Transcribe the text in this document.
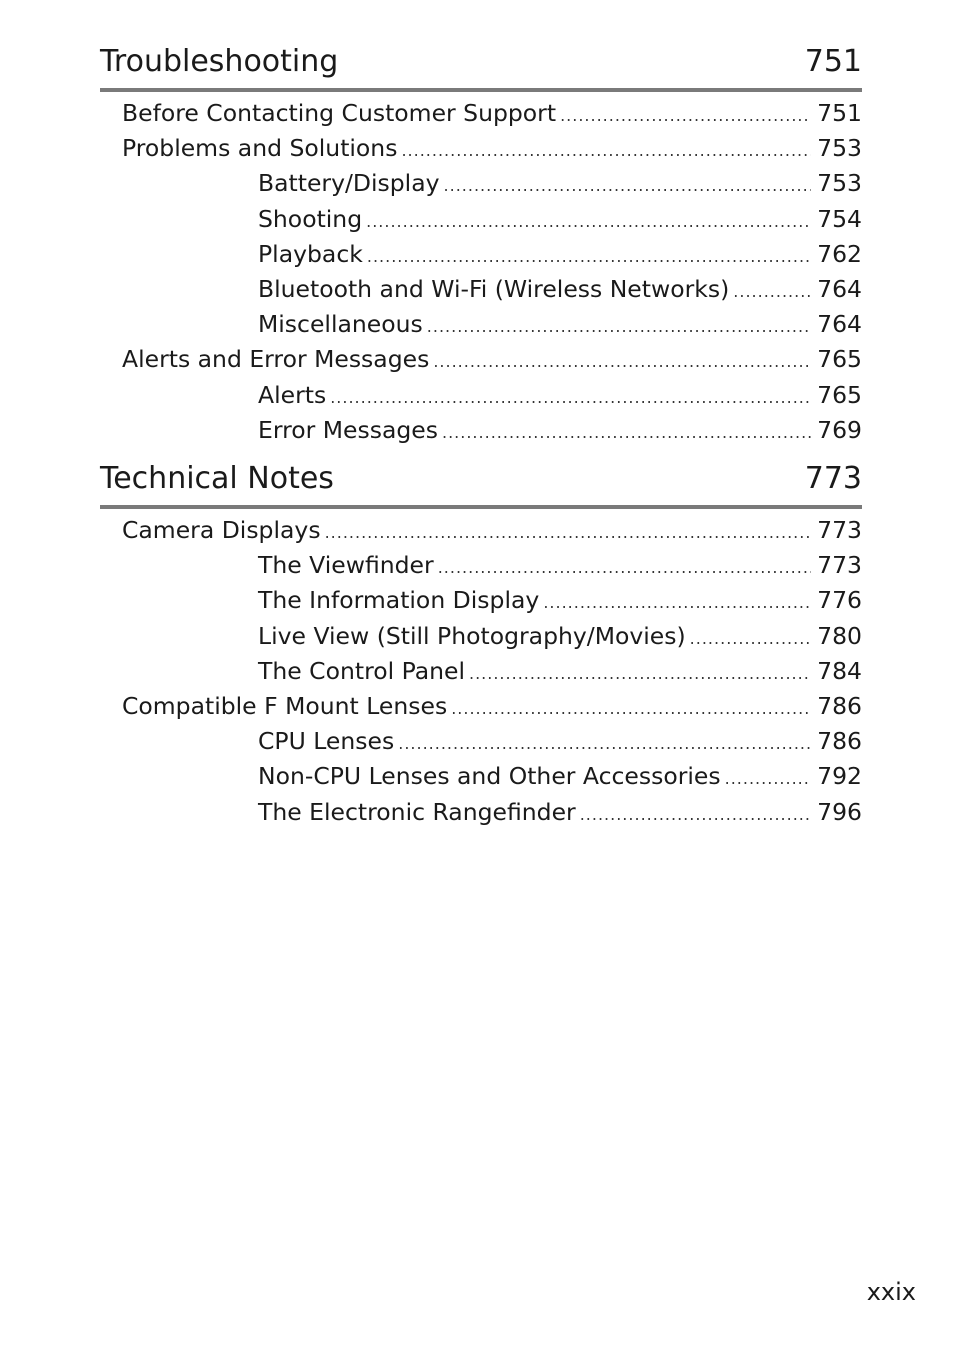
Troubleshooting	751
Before Contacting Customer Support .....	751
Problems and Solutions .....	753
Battery/Display .....	753
Shooting .....	754
Playback .....	762
Bluetooth and Wi-Fi (Wireless Networks) .....	764
Miscellaneous .....	764
Alerts and Error Messages .....	765
Alerts .....	765
Error Messages .....	769
Technical Notes	773
Camera Displays .....	773
The Viewfinder .....	773
The Information Display .....	776
Live View (Still Photography/Movies) .....	780
The Control Panel .....	784
Compatible F Mount Lenses .....	786
CPU Lenses .....	786
Non-CPU Lenses and Other Accessories .....	792
The Electronic Rangefinder .....	796
xxix
